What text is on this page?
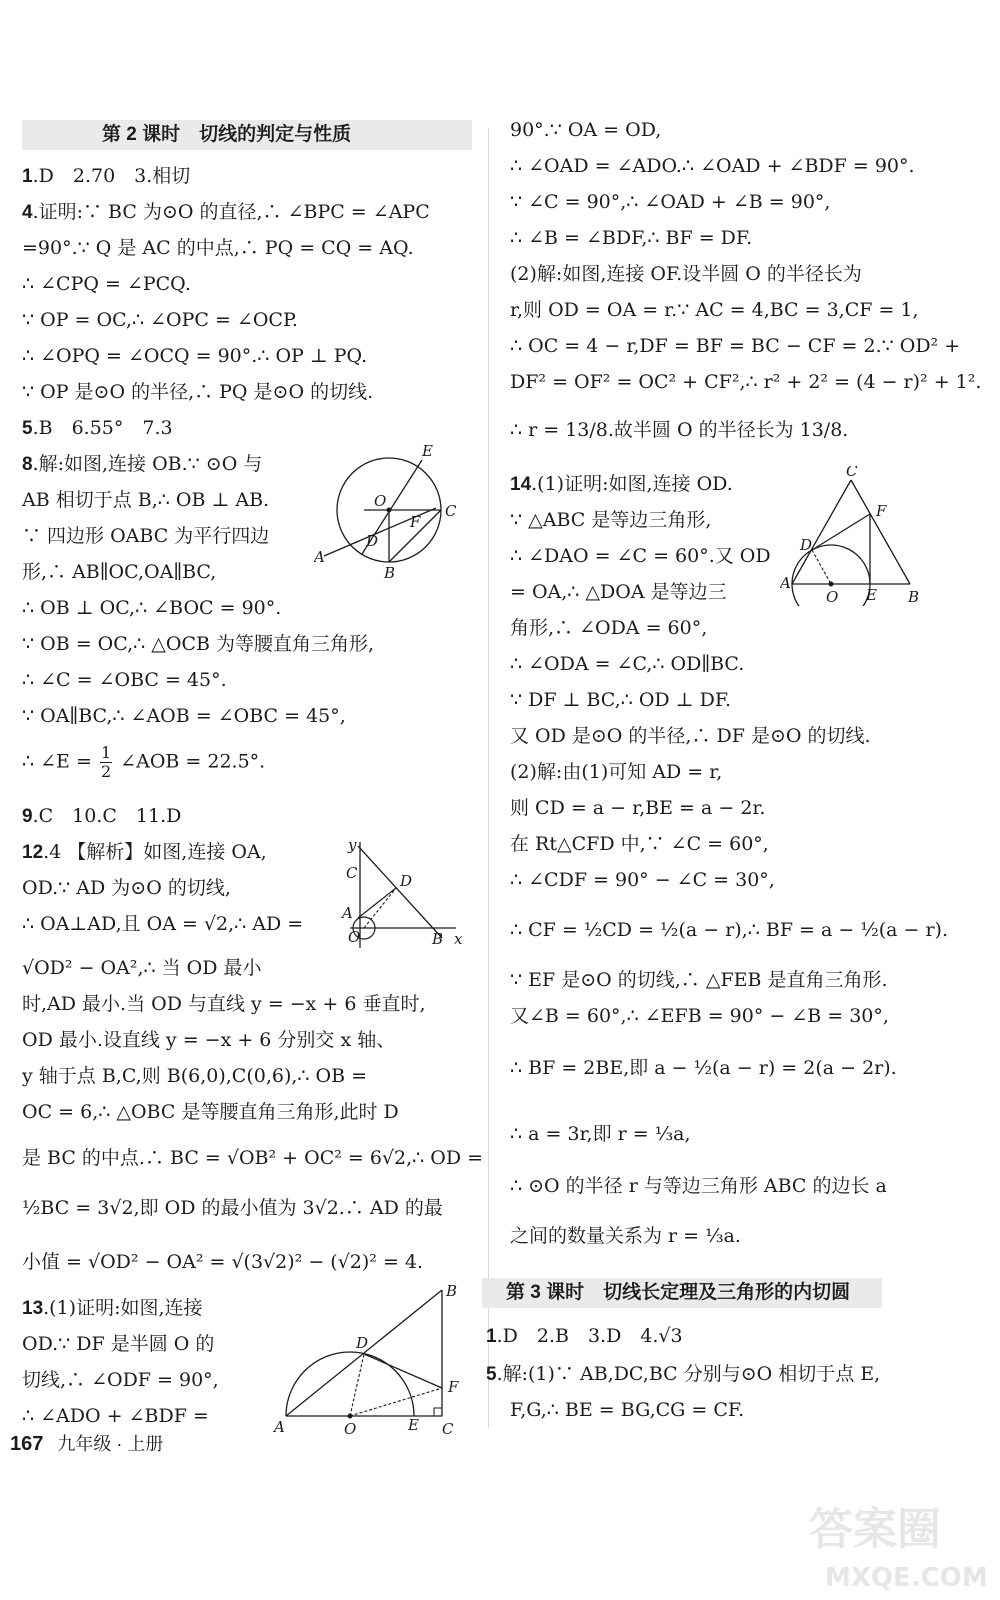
第 2 课时　切线的判定与性质
1.D　2.70　3.相切
4.证明:∵ BC 为⊙O 的直径,∴ ∠BPC = ∠APC
=90°.∵ Q 是 AC 的中点,∴ PQ = CQ = AQ.
∴ ∠CPQ = ∠PCQ.
∵ OP = OC,∴ ∠OPC = ∠OCP.
∴ ∠OPQ = ∠OCQ = 90°.∴ OP ⊥ PQ.
∵ OP 是⊙O 的半径,∴ PQ 是⊙O 的切线.
5.B　6.55°　7.3
8.解:如图,连接 OB.∵ ⊙O 与
AB 相切于点 B,∴ OB ⊥ AB.
∵ 四边形 OABC 为平行四边
形,∴ AB∥OC,OA∥BC,
∴ OB ⊥ OC,∴ ∠BOC = 90°.
∵ OB = OC,∴ △OCB 为等腰直角三角形,
∴ ∠C = ∠OBC = 45°.
∵ OA∥BC,∴ ∠AOB = ∠OBC = 45°,
∴ ∠E = $\frac{1}{2}$ ∠AOB = 22.5°.
E
O
C
F
D
A
B
9.C　10.C　11.D
12.4 【解析】如图,连接 OA,
OD.∵ AD 为⊙O 的切线,
∴ OA⊥AD,且 OA = √2,∴ AD =
√OD² − OA²,∴ 当 OD 最小
时,AD 最小.当 OD 与直线 y = −x + 6 垂直时,
OD 最小.设直线 y = −x + 6 分别交 x 轴、
y 轴于点 B,C,则 B(6,0),C(0,6),∴ OB =
OC = 6,∴ △OBC 是等腰直角三角形,此时 D
是 BC 的中点.∴ BC = √OB² + OC² = 6√2,∴ OD =
½BC = 3√2,即 OD 的最小值为 3√2.∴ AD 的最
小值 = √OD² − OA² = √(3√2)² − (√2)² = 4.
y
C	D
A
O	B x
13.(1)证明:如图,连接
OD.∵ DF 是半圆 O 的
切线,∴ ∠ODF = 90°,
∴ ∠ADO + ∠BDF =
B
D
F
A	O	E C
90°.∵ OA = OD,
∴ ∠OAD = ∠ADO.∴ ∠OAD + ∠BDF = 90°.
∵ ∠C = 90°,∴ ∠OAD + ∠B = 90°,
∴ ∠B = ∠BDF,∴ BF = DF.
(2)解:如图,连接 OF.设半圆 O 的半径长为
r,则 OD = OA = r.∵ AC = 4,BC = 3,CF = 1,
∴ OC = 4 − r,DF = BF = BC − CF = 2.∵ OD² +
DF² = OF² = OC² + CF²,∴ r² + 2² = (4 − r)² + 1².
∴ r = 13/8.故半圆 O 的半径长为 13/8.
14.(1)证明:如图,连接 OD.
∵ △ABC 是等边三角形,
∴ ∠DAO = ∠C = 60°.又 OD
= OA,∴ △DOA 是等边三
角形,∴ ∠ODA = 60°,
∴ ∠ODA = ∠C,∴ OD∥BC.
∵ DF ⊥ BC,∴ OD ⊥ DF.
又 OD 是⊙O 的半径,∴ DF 是⊙O 的切线.
(2)解:由(1)可知 AD = r,
则 CD = a − r,BE = a − 2r.
在 Rt△CFD 中,∵ ∠C = 60°,
∴ ∠CDF = 90° − ∠C = 30°,
∴ CF = ½CD = ½(a − r),∴ BF = a − ½(a − r).
∵ EF 是⊙O 的切线,∴ △FEB 是直角三角形.
又∠B = 60°,∴ ∠EFB = 90° − ∠B = 30°,
∴ BF = 2BE,即 a − ½(a − r) = 2(a − 2r).
∴ a = 3r,即 r = ⅓a,
∴ ⊙O 的半径 r 与等边三角形 ABC 的边长 a
之间的数量关系为 r = ⅓a.
C
F
D
A
O E B
第 3 课时　切线长定理及三角形的内切圆
1.D　2.B　3.D　4.√3
5.解:(1)∵ AB,DC,BC 分别与⊙O 相切于点 E,
F,G,∴ BE = BG,CG = CF.
167 九年级 · 上册
答案圈
MXQE.COM
